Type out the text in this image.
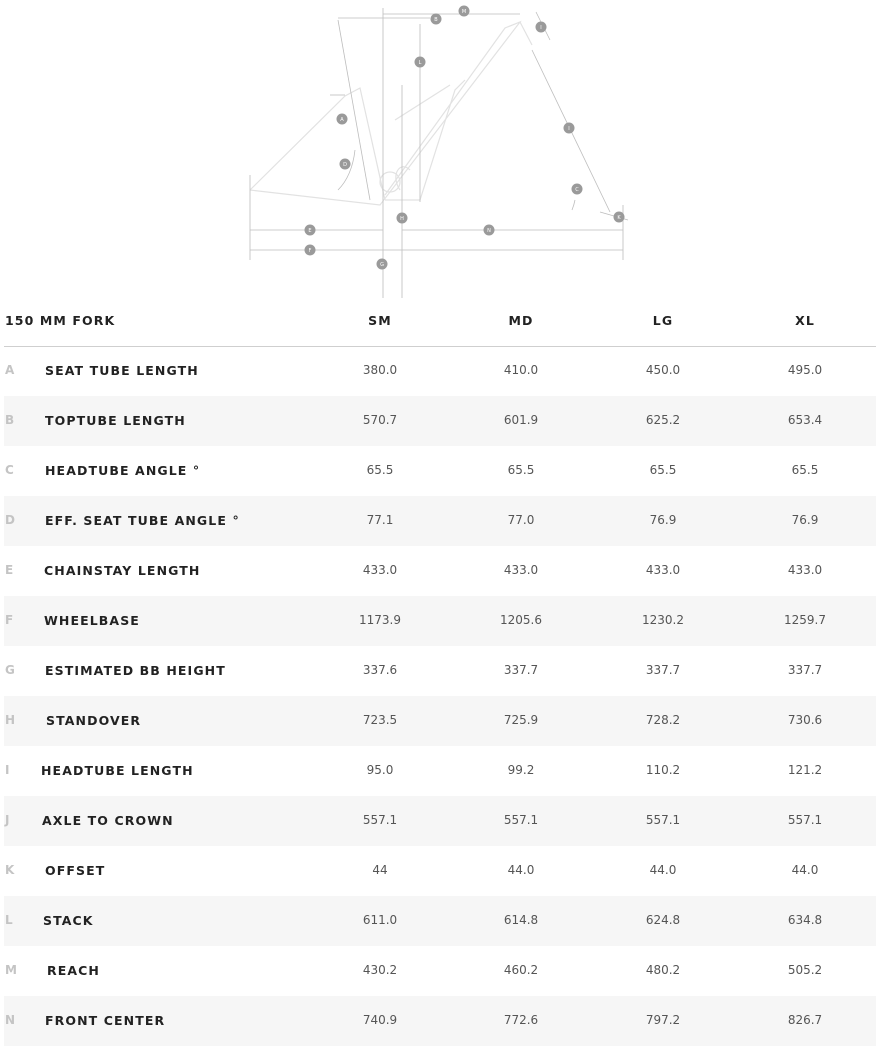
A
B
C
D
E
F
G
H
I
L
M
N
K
I
150 MM FORK	SM	MD	LG	XL
A SEAT TUBE LENGTH	380.0	410.0	450.0	495.0
B TOPTUBE LENGTH	570.7	601.9	625.2	653.4
C HEADTUBE ANGLE °	65.5	65.5	65.5	65.5
D EFF. SEAT TUBE ANGLE °	77.1	77.0	76.9	76.9
E CHAINSTAY LENGTH	433.0	433.0	433.0	433.0
F WHEELBASE	1173.9	1205.6	1230.2	1259.7
G ESTIMATED BB HEIGHT	337.6	337.7	337.7	337.7
H STANDOVER	723.5	725.9	728.2	730.6
I	HEADTUBE LENGTH	95.0	99.2	110.2	121.2
J	AXLE TO CROWN	557.1	557.1	557.1	557.1
K OFFSET	44	44.0	44.0	44.0
L STACK	611.0	614.8	624.8	634.8
M REACH	430.2	460.2	480.2	505.2
N FRONT CENTER	740.9	772.6	797.2	826.7
